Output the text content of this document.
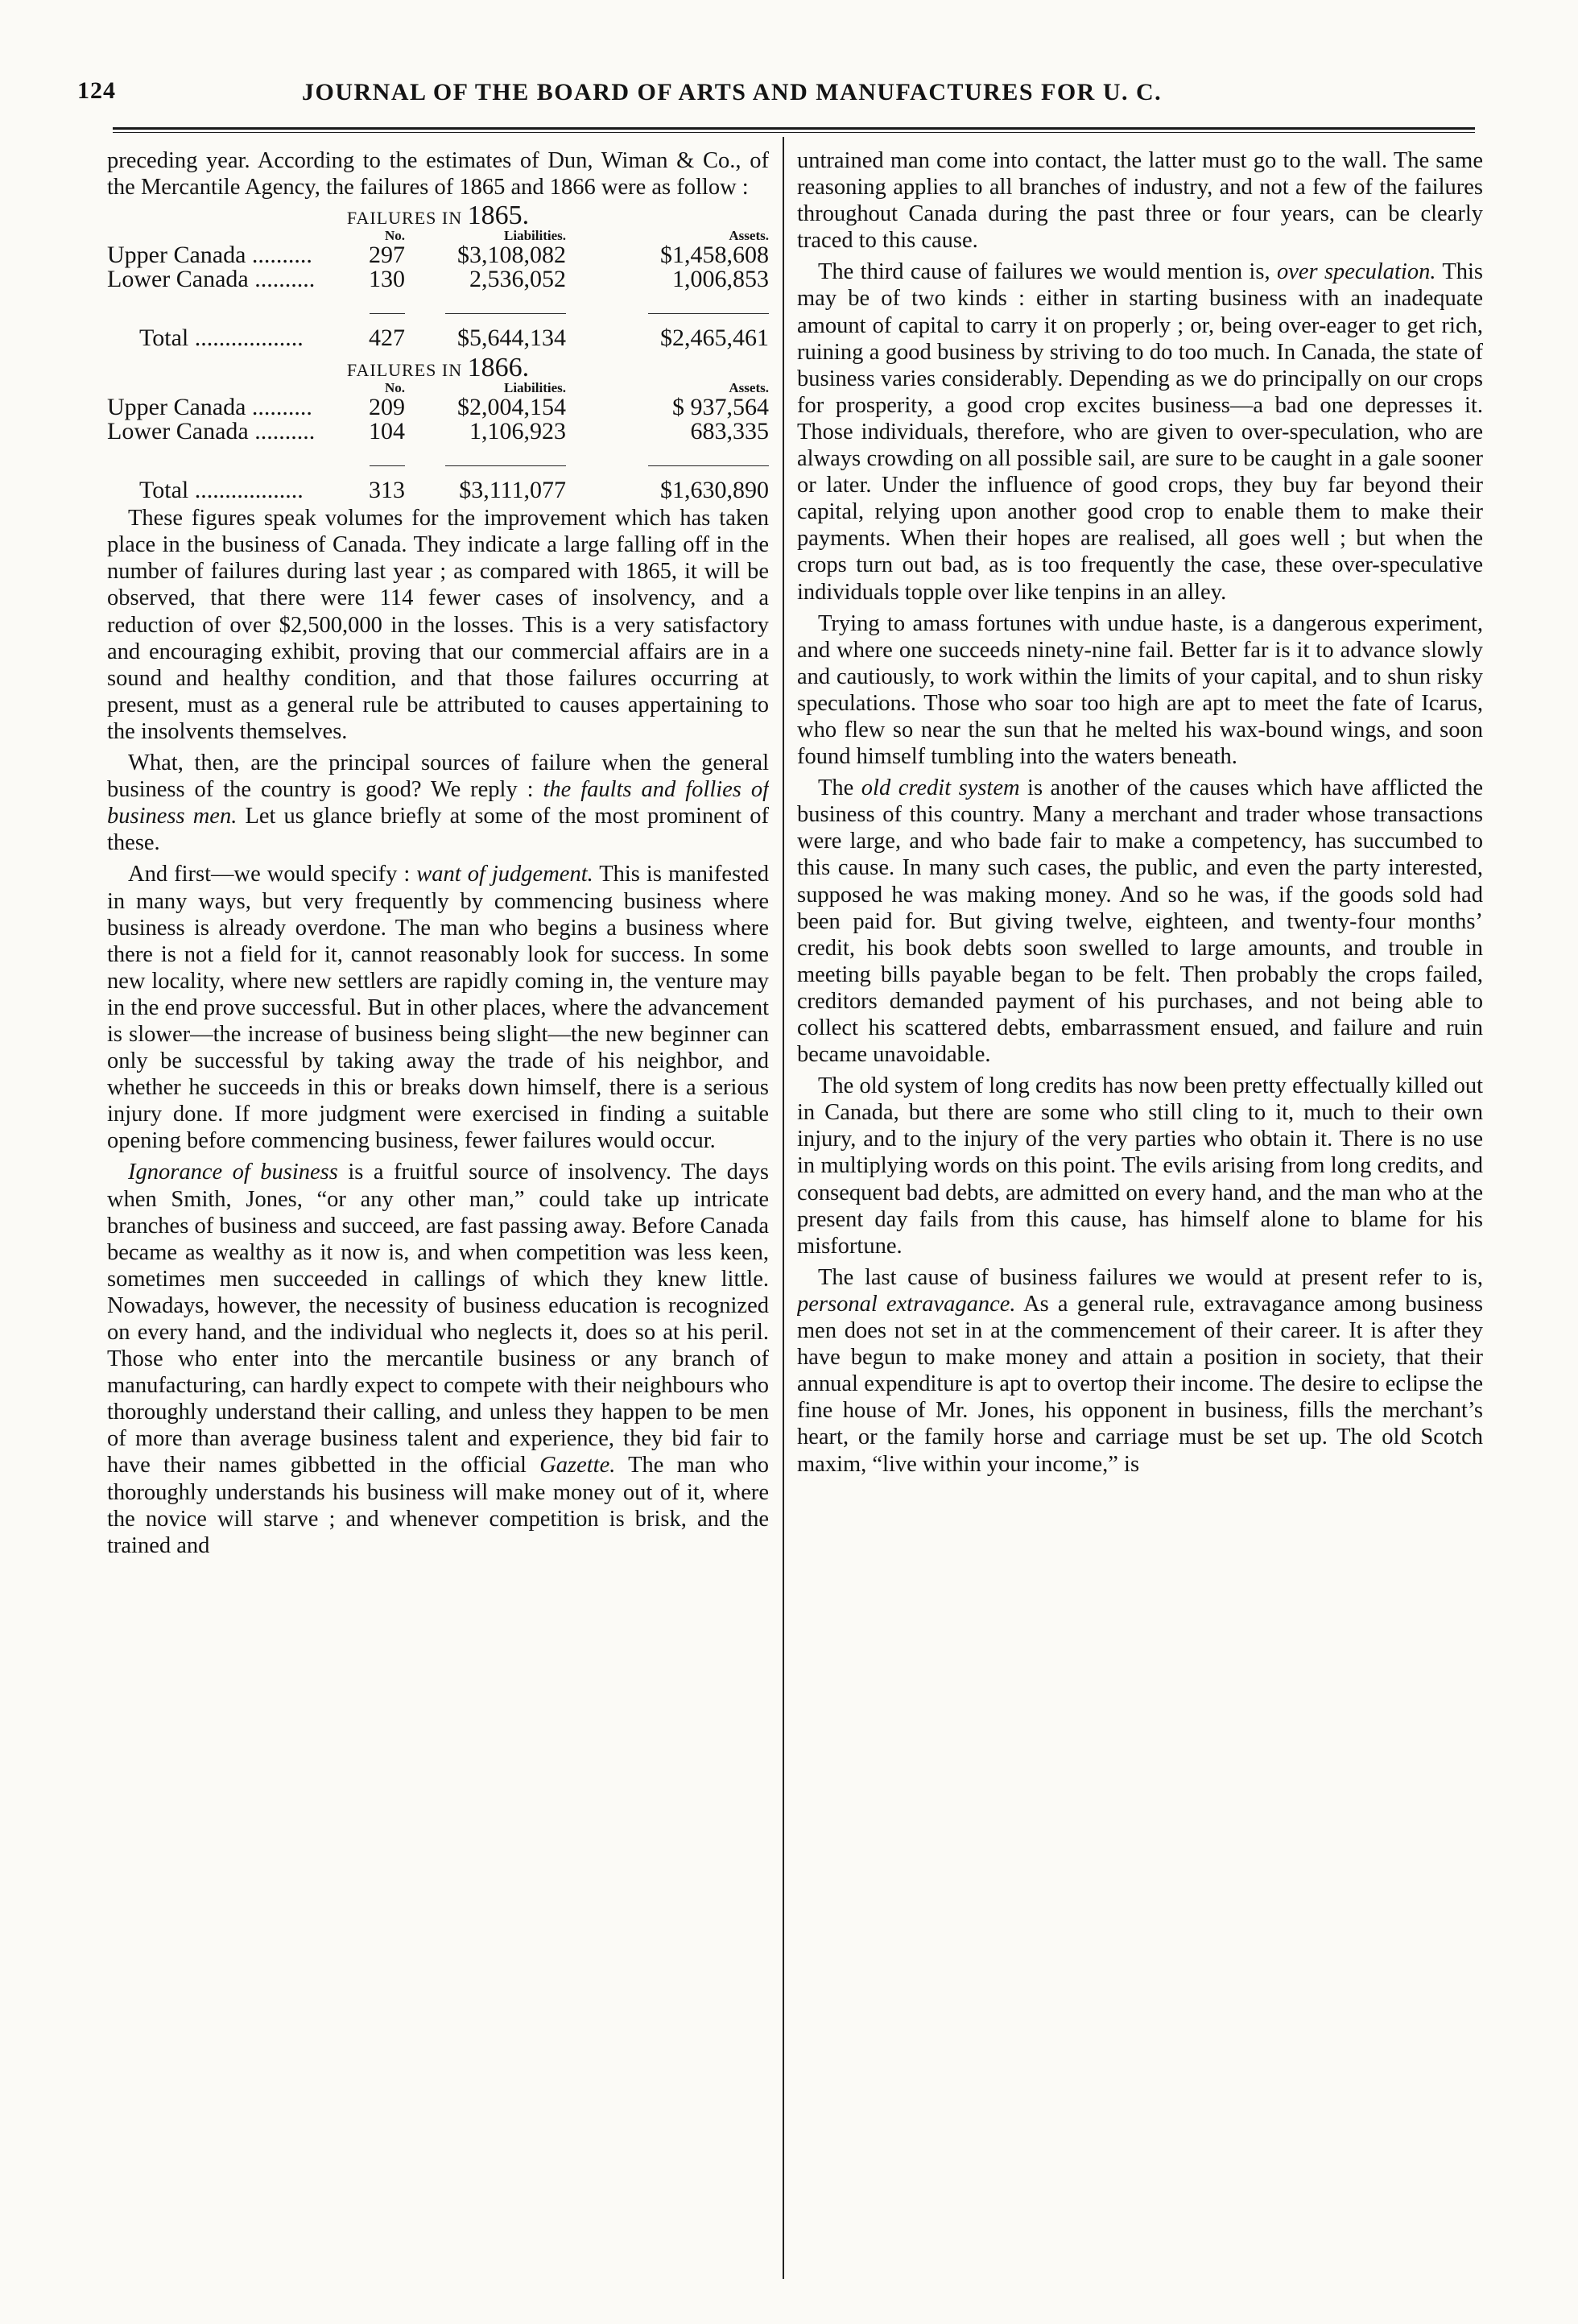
124	JOURNAL OF THE BOARD OF ARTS AND MANUFACTURES FOR U. C.

preceding year. According to the estimates of Dun, Wiman & Co., of the Mercantile Agency, the failures of 1865 and 1866 were as follow :

FAILURES IN 1865.
	No.	Liabilities.	Assets.
Upper Canada ..........	297	$3,108,082	$1,458,608
Lower Canada ..........	130	2,536,052	1,006,853

Total ..................	427	$5,644,134	$2,465,461
FAILURES IN 1866.
	No.	Liabilities.	Assets.
Upper Canada ..........	209	$2,004,154	$ 937,564
Lower Canada ..........	104	1,106,923	683,335

Total ..................	313	$3,111,077	$1,630,890

These figures speak volumes for the improvement which has taken place in the business of Canada. They indicate a large falling off in the number of failures during last year ; as compared with 1865, it will be observed, that there were 114 fewer cases of insolvency, and a reduction of over $2,500,000 in the losses. This is a very satisfactory and encouraging exhibit, proving that our commercial affairs are in a sound and healthy condition, and that those failures occurring at present, must as a general rule be attributed to causes appertaining to the insolvents themselves.

What, then, are the principal sources of failure when the general business of the country is good? We reply : the faults and follies of business men. Let us glance briefly at some of the most prominent of these.

And first—we would specify : want of judgement. This is manifested in many ways, but very frequently by commencing business where business is already overdone. The man who begins a business where there is not a field for it, cannot reasonably look for success. In some new locality, where new settlers are rapidly coming in, the venture may in the end prove successful. But in other places, where the advancement is slower—the increase of business being slight—the new beginner can only be successful by taking away the trade of his neighbor, and whether he succeeds in this or breaks down himself, there is a serious injury done. If more judgment were exercised in finding a suitable opening before commencing business, fewer failures would occur.

Ignorance of business is a fruitful source of insolvency. The days when Smith, Jones, “or any other man,” could take up intricate branches of business and succeed, are fast passing away. Before Canada became as wealthy as it now is, and when competition was less keen, sometimes men succeeded in callings of which they knew little. Nowadays, however, the necessity of business education is recognized on every hand, and the individual who neglects it, does so at his peril. Those who enter into the mercantile business or any branch of manufacturing, can hardly expect to compete with their neighbours who thoroughly understand their calling, and unless they happen to be men of more than average business talent and experience, they bid fair to have their names gibbetted in the official Gazette. The man who thoroughly understands his business will make money out of it, where the novice will starve ; and whenever competition is brisk, and the trained and

untrained man come into contact, the latter must go to the wall. The same reasoning applies to all branches of industry, and not a few of the failures throughout Canada during the past three or four years, can be clearly traced to this cause.

The third cause of failures we would mention is, over speculation. This may be of two kinds : either in starting business with an inadequate amount of capital to carry it on properly ; or, being over-eager to get rich, ruining a good business by striving to do too much. In Canada, the state of business varies considerably. Depending as we do principally on our crops for prosperity, a good crop excites business—a bad one depresses it. Those individuals, therefore, who are given to over-speculation, who are always crowding on all possible sail, are sure to be caught in a gale sooner or later. Under the influence of good crops, they buy far beyond their capital, relying upon another good crop to enable them to make their payments. When their hopes are realised, all goes well ; but when the crops turn out bad, as is too frequently the case, these over-speculative individuals topple over like tenpins in an alley.

Trying to amass fortunes with undue haste, is a dangerous experiment, and where one succeeds ninety-nine fail. Better far is it to advance slowly and cautiously, to work within the limits of your capital, and to shun risky speculations. Those who soar too high are apt to meet the fate of Icarus, who flew so near the sun that he melted his wax-bound wings, and soon found himself tumbling into the waters beneath.

The old credit system is another of the causes which have afflicted the business of this country. Many a merchant and trader whose transactions were large, and who bade fair to make a competency, has succumbed to this cause. In many such cases, the public, and even the party interested, supposed he was making money. And so he was, if the goods sold had been paid for. But giving twelve, eighteen, and twenty-four months’ credit, his book debts soon swelled to large amounts, and trouble in meeting bills payable began to be felt. Then probably the crops failed, creditors demanded payment of his purchases, and not being able to collect his scattered debts, embarrassment ensued, and failure and ruin became unavoidable.

The old system of long credits has now been pretty effectually killed out in Canada, but there are some who still cling to it, much to their own injury, and to the injury of the very parties who obtain it. There is no use in multiplying words on this point. The evils arising from long credits, and consequent bad debts, are admitted on every hand, and the man who at the present day fails from this cause, has himself alone to blame for his misfortune.

The last cause of business failures we would at present refer to is, personal extravagance. As a general rule, extravagance among business men does not set in at the commencement of their career. It is after they have begun to make money and attain a position in society, that their annual expenditure is apt to overtop their income. The desire to eclipse the fine house of Mr. Jones, his opponent in business, fills the merchant’s heart, or the family horse and carriage must be set up. The old Scotch maxim, “live within your income,” is
